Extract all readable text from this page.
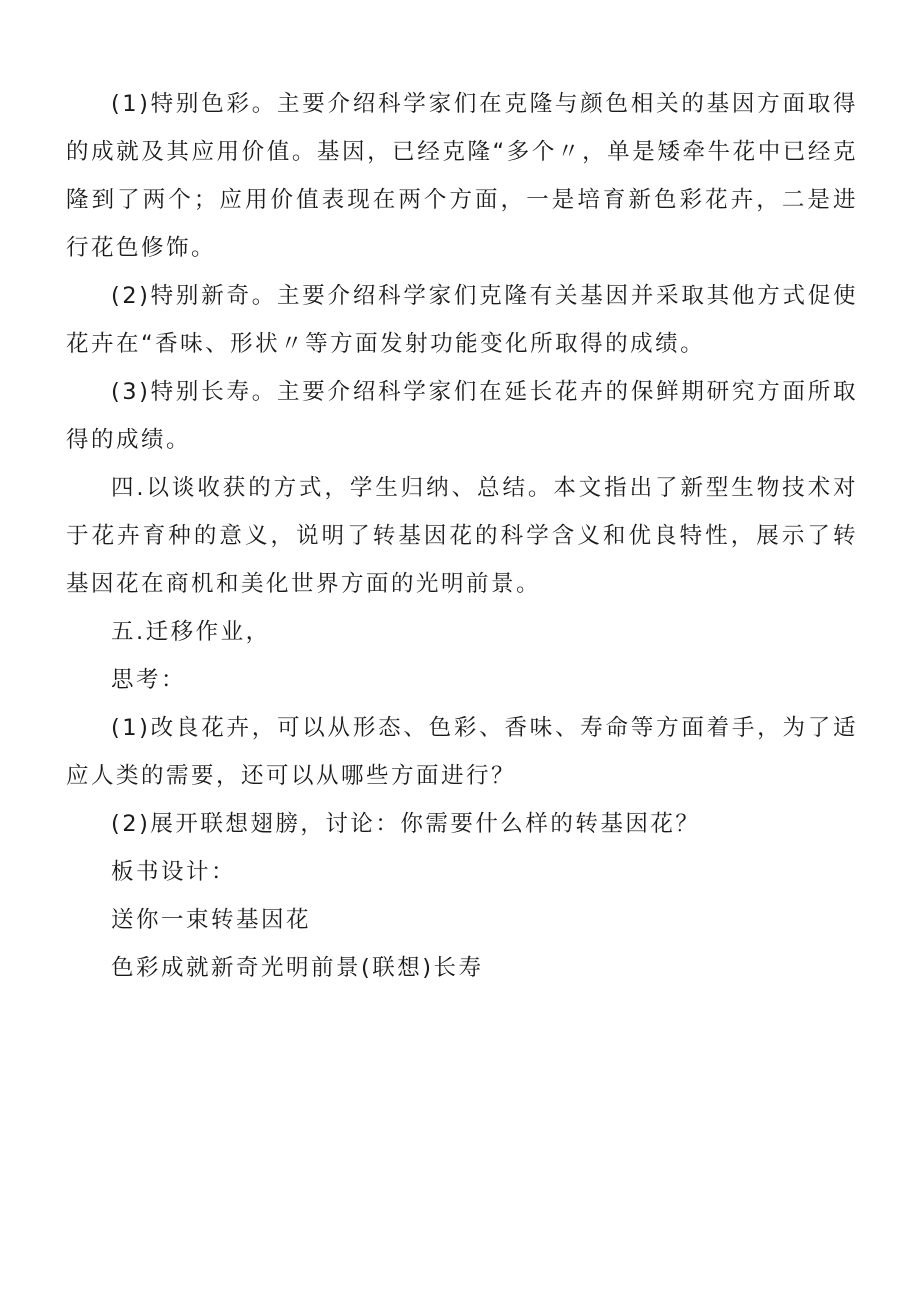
(1)特别色彩。主要介绍科学家们在克隆与颜色相关的基因方面取得的成就及其应用价值。基因，已经克隆“多个〃，单是矮牵牛花中已经克隆到了两个；应用价值表现在两个方面，一是培育新色彩花卉，二是进行花色修饰。

(2)特别新奇。主要介绍科学家们克隆有关基因并采取其他方式促使花卉在“香味、形状〃等方面发射功能变化所取得的成绩。

(3)特别长寿。主要介绍科学家们在延长花卉的保鲜期研究方面所取得的成绩。

四.以谈收获的方式，学生归纳、总结。本文指出了新型生物技术对于花卉育种的意义，说明了转基因花的科学含义和优良特性，展示了转基因花在商机和美化世界方面的光明前景。

五.迁移作业，

思考：

(1)改良花卉，可以从形态、色彩、香味、寿命等方面着手，为了适应人类的需要，还可以从哪些方面进行？

(2)展开联想翅膀，讨论：你需要什么样的转基因花？

板书设计：

送你一束转基因花

色彩成就新奇光明前景(联想)长寿
